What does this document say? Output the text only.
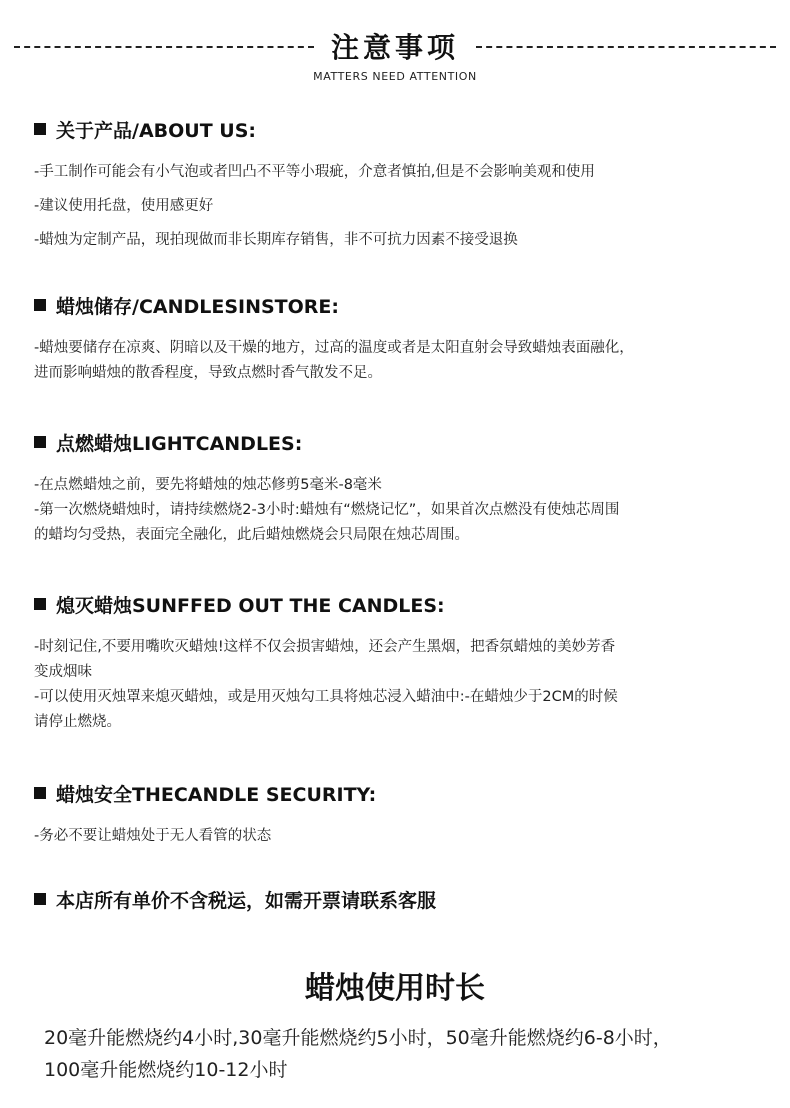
注意事项
MATTERS NEED ATTENTION
关于产品/ABOUT US:
-手工制作可能会有小气泡或者凹凸不平等小瑕疵，介意者慎拍,但是不会影响美观和使用
-建议使用托盘，使用感更好
-蜡烛为定制产品，现拍现做而非长期库存销售，非不可抗力因素不接受退换
蜡烛储存/CANDLESINSTORE:
-蜡烛要储存在凉爽、阴暗以及干燥的地方，过高的温度或者是太阳直射会导致蜡烛表面融化，
进而影响蜡烛的散香程度，导致点燃时香气散发不足。
点燃蜡烛LIGHTCANDLES:
-在点燃蜡烛之前，要先将蜡烛的烛芯修剪5毫米-8毫米
-第一次燃烧蜡烛时，请持续燃烧2-3小时:蜡烛有“燃烧记忆”，如果首次点燃没有使烛芯周围
的蜡均匀受热，表面完全融化，此后蜡烛燃烧会只局限在烛芯周围。
熄灭蜡烛SUNFFED OUT THE CANDLES:
-时刻记住,不要用嘴吹灭蜡烛!这样不仅会损害蜡烛，还会产生黑烟，把香氛蜡烛的美妙芳香
变成烟味
-可以使用灭烛罩来熄灭蜡烛，或是用灭烛勾工具将烛芯浸入蜡油中:-在蜡烛少于2CM的时候
请停止燃烧。
蜡烛安全THECANDLE SECURITY:
-务必不要让蜡烛处于无人看管的状态
本店所有单价不含税运，如需开票请联系客服
蜡烛使用时长
20毫升能燃烧约4小时,30毫升能燃烧约5小时，50毫升能燃烧约6-8小时，
100毫升能燃烧约10-12小时
